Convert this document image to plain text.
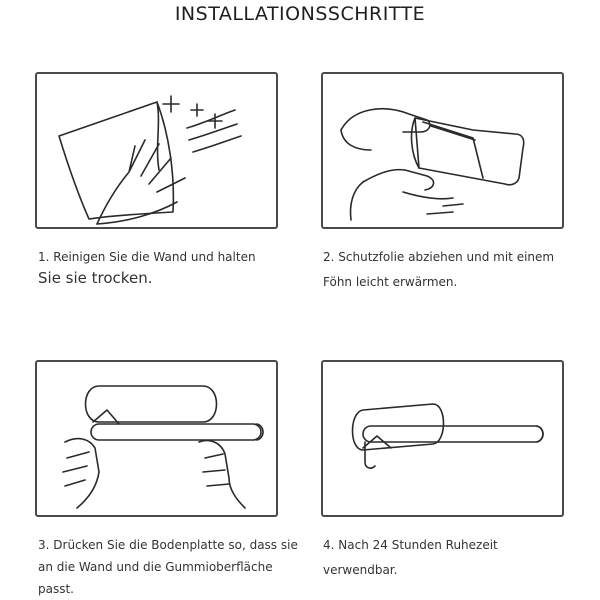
INSTALLATIONSSCHRITTE
1. Reinigen Sie die Wand und halten
Sie sie trocken.
2. Schutzfolie abziehen und mit einem
Föhn leicht erwärmen.
3. Drücken Sie die Bodenplatte so, dass sie
an die Wand und die Gummioberfläche
passt.
4. Nach 24 Stunden Ruhezeit
verwendbar.
